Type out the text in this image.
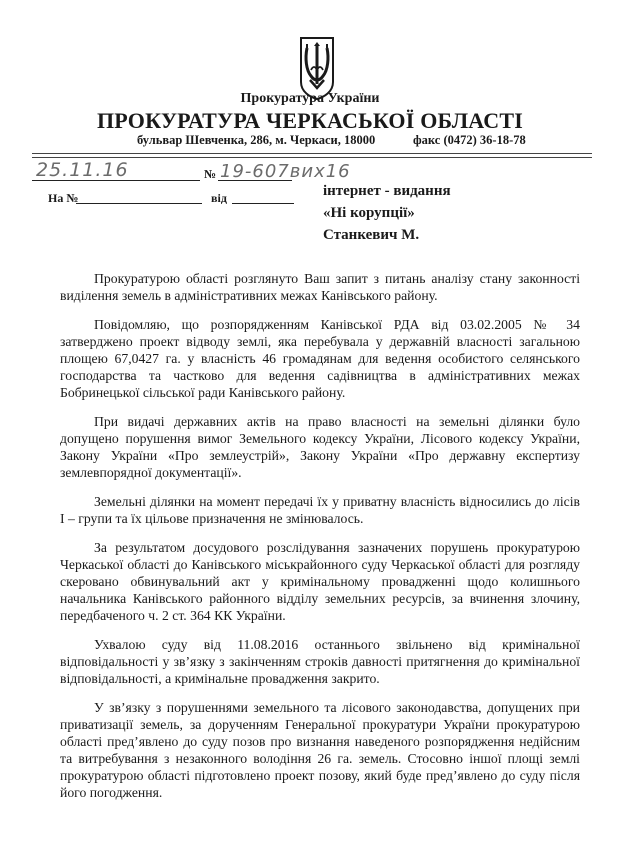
Прокуратура України
ПРОКУРАТУРА ЧЕРКАСЬКОЇ ОБЛАСТІ
бульвар Шевченка, 286, м. Черкаси, 18000	факс (0472) 36-18-78
25.11.16	№ 19-607вих16
На №	від	інтернет - видання
«Ні корупції»
Станкевич М.

Прокуратурою області розглянуто Ваш запит з питань аналізу стану законності виділення земель в адміністративних межах Канівського району.

Повідомляю, що розпорядженням Канівської РДА від 03.02.2005 № 34 затверджено проект відводу землі, яка перебувала у державній власності загальною площею 67,0427 га. у власність 46 громадянам для ведення особистого селянського господарства та частково для ведення садівництва в адміністративних межах Бобринецької сільської ради Канівського району.

При видачі державних актів на право власності на земельні ділянки було допущено порушення вимог Земельного кодексу України, Лісового кодексу України, Закону України «Про землеустрій», Закону України «Про державну експертизу землевпорядної документації».

Земельні ділянки на момент передачі їх у приватну власність відносились до лісів І – групи та їх цільове призначення не змінювалось.

За результатом досудового розслідування зазначених порушень прокуратурою Черкаської області до Канівського міськрайонного суду Черкаської області для розгляду скеровано обвинувальний акт у кримінальному провадженні щодо колишнього начальника Канівського районного відділу земельних ресурсів, за вчинення злочину, передбаченого ч. 2 ст. 364 КК України.

Ухвалою суду від 11.08.2016 останнього звільнено від кримінальної відповідальності у зв’язку з закінченням строків давності притягнення до кримінальної відповідальності, а кримінальне провадження закрито.

У зв’язку з порушеннями земельного та лісового законодавства, допущених при приватизації земель, за дорученням Генеральної прокуратури України прокуратурою області пред’явлено до суду позов про визнання наведеного розпорядження недійсним та витребування з незаконного володіння 26 га. земель. Стосовно іншої площі землі прокуратурою області підготовлено проект позову, який буде пред’явлено до суду після його погодження.
